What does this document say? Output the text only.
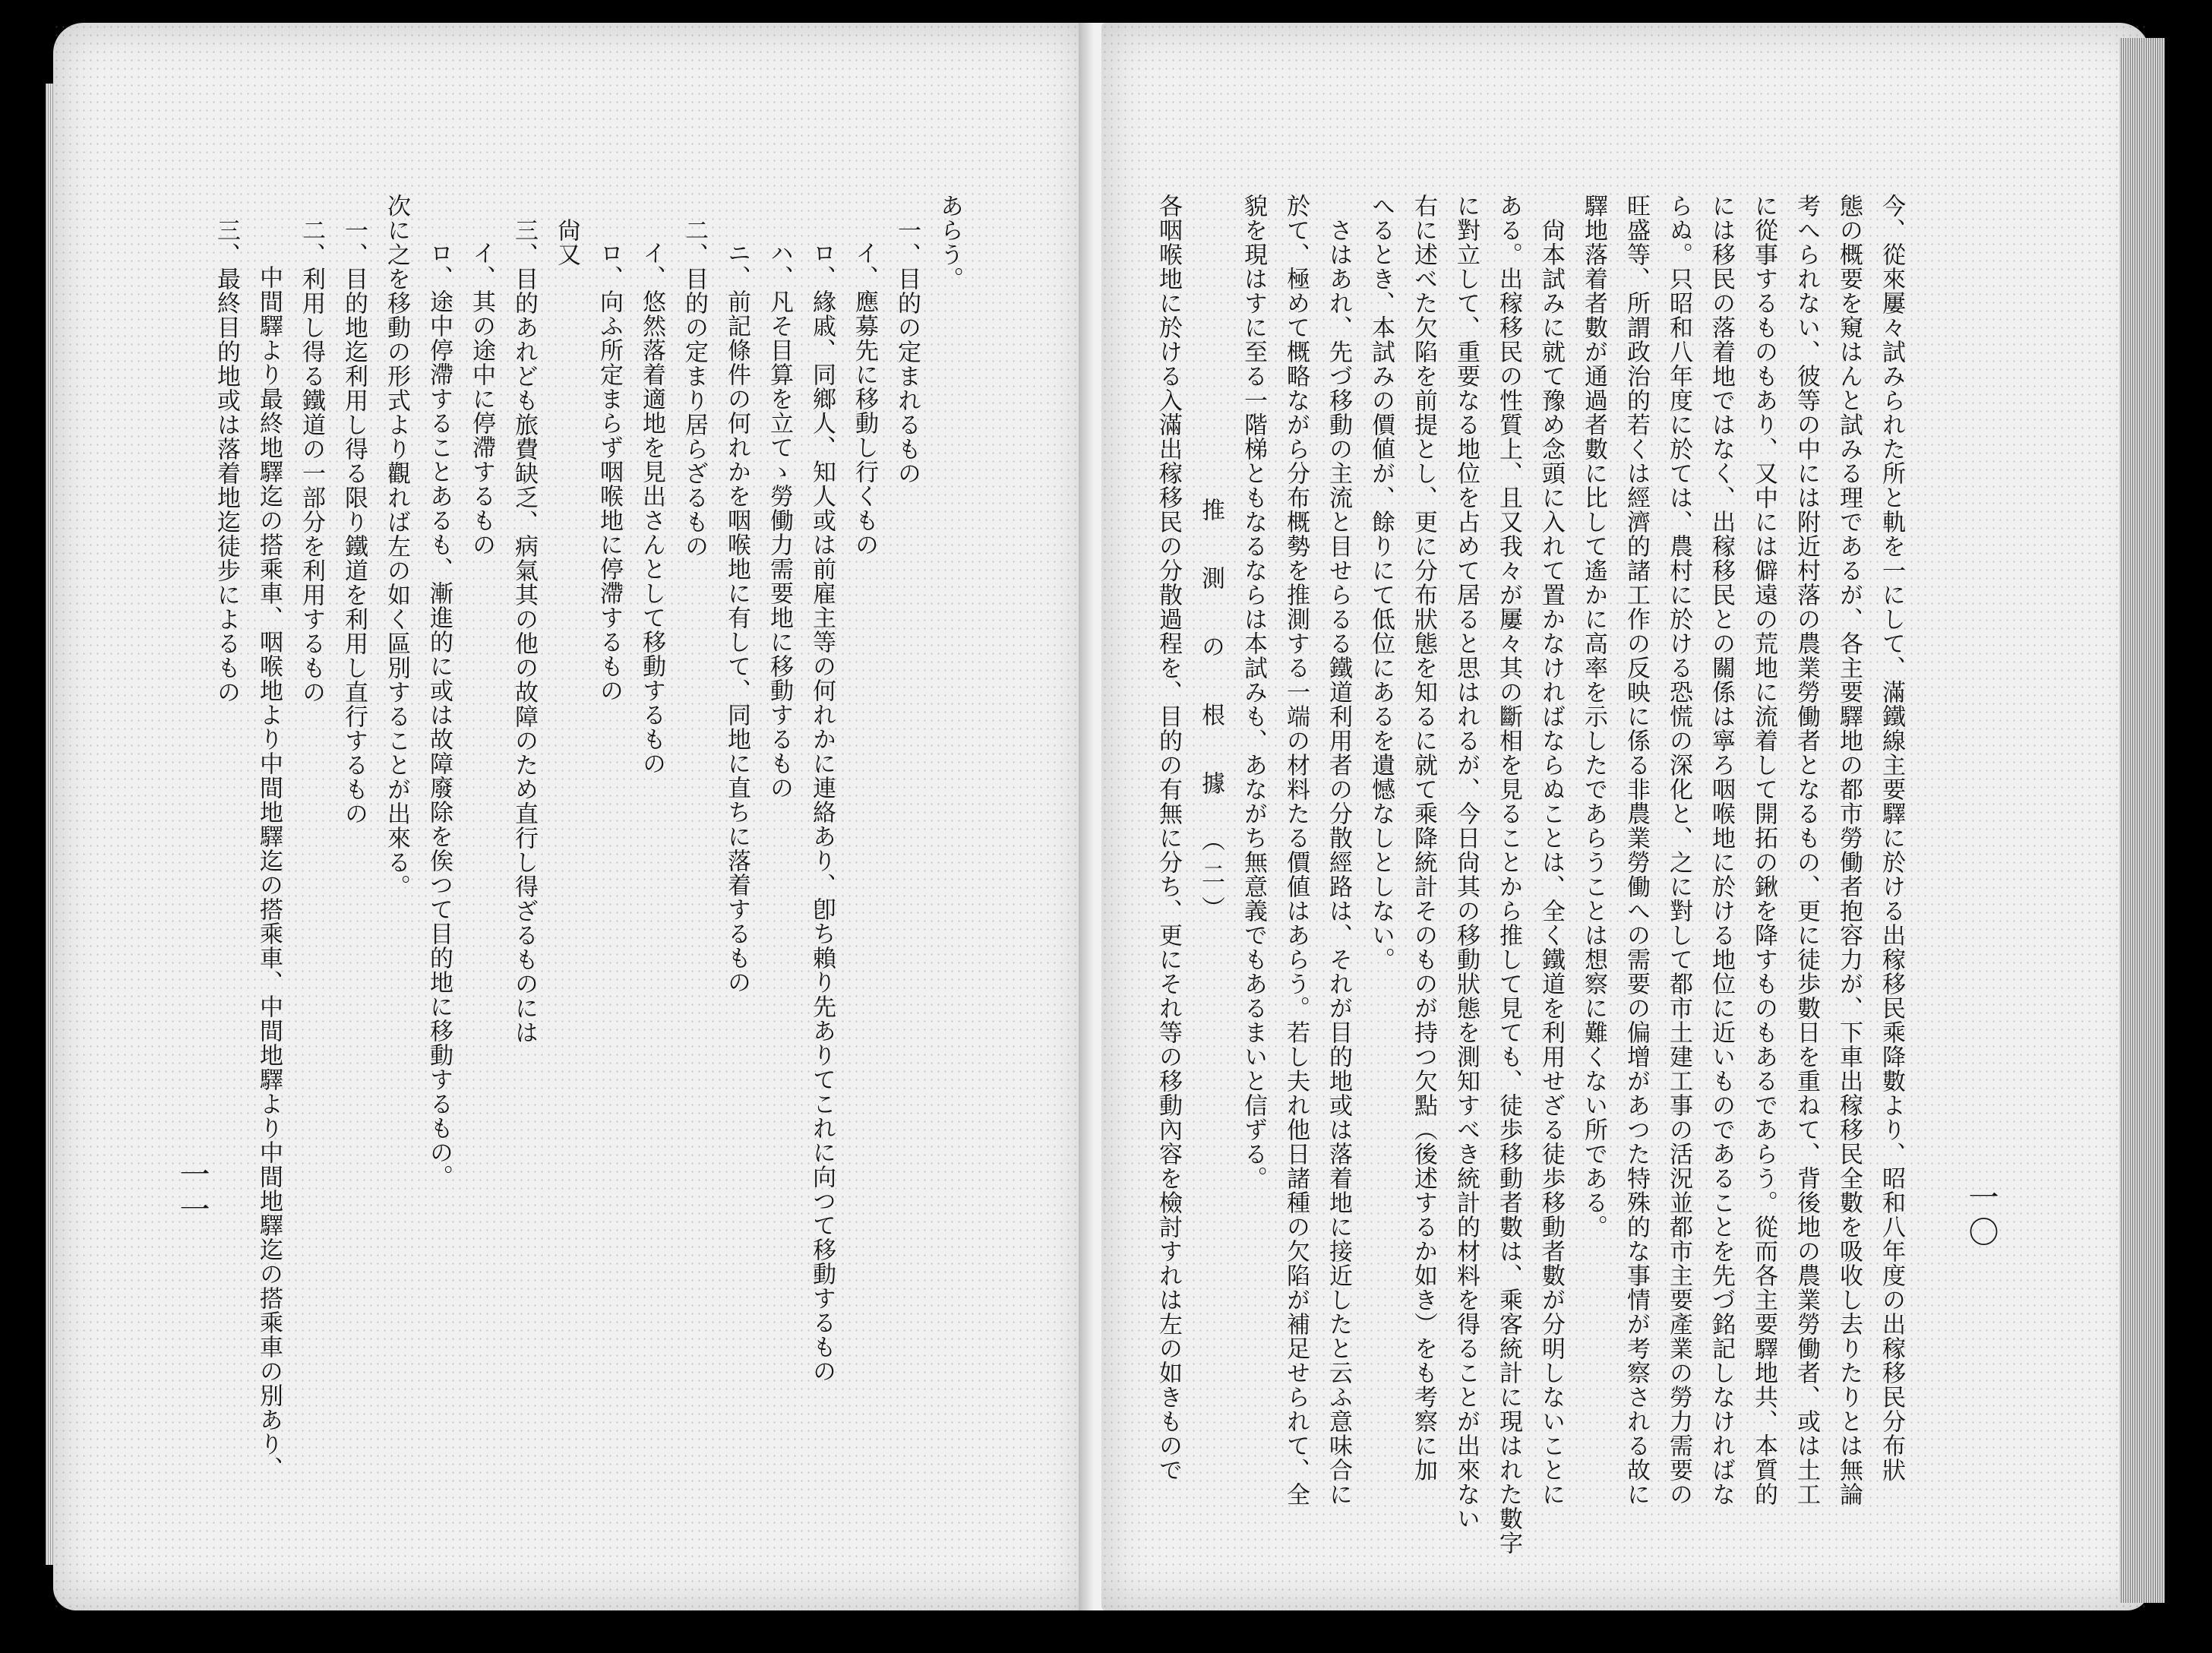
一〇
今、從來屢々試みられた所と軌を一にして、滿鐵線主要驛に於ける出稼移民乘降數より、昭和八年度の出稼移民分布狀
態の概要を窺はんと試みる理であるが、各主要驛地の都市勞働者抱容力が、下車出稼移民全數を吸收し去りたりとは無論
考へられない、彼等の中には附近村落の農業勞働者となるもの、更に徒歩數日を重ねて、背後地の農業勞働者、或は土工
に從事するものもあり、又中には僻遠の荒地に流着して開拓の鍬を降すものもあるであらう。從而各主要驛地共、本質的
には移民の落着地ではなく、出稼移民との關係は寧ろ咽喉地に於ける地位に近いものであることを先づ銘記しなければな
らぬ。只昭和八年度に於ては、農村に於ける恐慌の深化と、之に對して都市土建工事の活況並都市主要產業の勞力需要の
旺盛等、所謂政治的若くは經濟的諸工作の反映に係る非農業勞働への需要の偏增があつた特殊的な事情が考察される故に
驛地落着者數が通過者數に比して遙かに高率を示したであらうことは想察に難くない所である。
　尙本試みに就て豫め念頭に入れて置かなければならぬことは、全く鐵道を利用せざる徒歩移動者數が分明しないことに
ある。出稼移民の性質上、且又我々が屢々其の斷相を見ることから推して見ても、徒歩移動者數は、乘客統計に現はれた數字
に對立して、重要なる地位を占めて居ると思はれるが、今日尙其の移動狀態を測知すべき統計的材料を得ることが出來ない
右に述べた欠陷を前提とし、更に分布狀態を知るに就て乘降統計そのものが持つ欠點（後述するか如き）をも考察に加
へるとき、本試みの價値が、餘りにて低位にあるを遺憾なしとしない。
　さはあれ、先づ移動の主流と目せらるる鐵道利用者の分散經路は、それが目的地或は落着地に接近したと云ふ意味合に
於て、極めて概略ながら分布概勢を推測する一端の材料たる價値はあらう。若し夫れ他日諸種の欠陷が補足せられて、全
貌を現はすに至る一階梯ともなるならは本試みも、あながち無意義でもあるまいと信ずる。
推　測　の　根　據　（二）
各咽喉地に於ける入滿出稼移民の分散過程を、目的の有無に分ち、更にそれ等の移動內容を檢討すれは左の如きもので
一一
あらう。
一、目的の定まれるもの
イ、應募先に移動し行くもの
ロ、緣戚、同鄉人、知人或は前雇主等の何れかに連絡あり、卽ち賴り先ありてこれに向つて移動するもの
ハ、凡そ目算を立てゝ勞働力需要地に移動するもの
ニ、前記條件の何れかを咽喉地に有して、同地に直ちに落着するもの
二、目的の定まり居らざるもの
イ、悠然落着適地を見出さんとして移動するもの
ロ、向ふ所定まらず咽喉地に停滯するもの
尙又
三、目的あれども旅費缺乏、病氣其の他の故障のため直行し得ざるものには
イ、其の途中に停滯するもの
ロ、途中停滯することあるも、漸進的に或は故障廢除を俟つて目的地に移動するもの。
次に之を移動の形式より觀れば左の如く區別することが出來る。
一、目的地迄利用し得る限り鐵道を利用し直行するもの
二、利用し得る鐵道の一部分を利用するもの
　中間驛より最終地驛迄の搭乘車、咽喉地より中間地驛迄の搭乘車、中間地驛より中間地驛迄の搭乘車の別あり、
三、最終目的地或は落着地迄徒步によるもの
